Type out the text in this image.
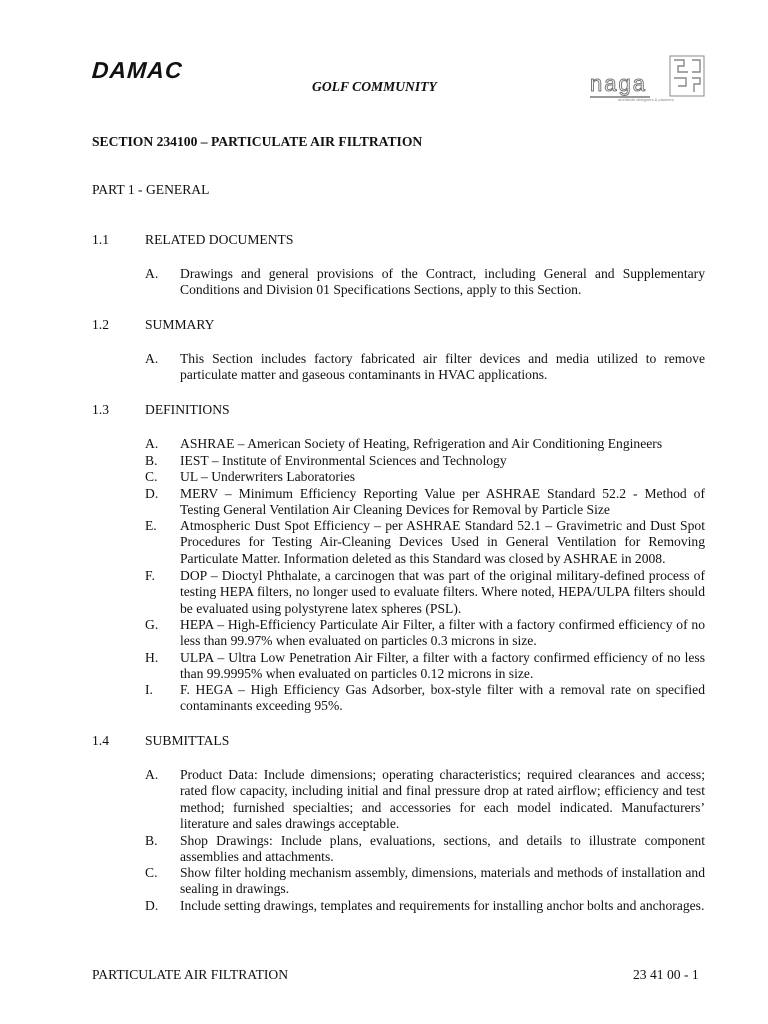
DAMAC
GOLF COMMUNITY	naga
architects designers & planners
SECTION 234100 – PARTICULATE AIR FILTRATION
PART 1 - GENERAL
1.1	RELATED DOCUMENTS
A. Drawings and general provisions of the Contract, including General and Supplementary Conditions and Division 01 Specifications Sections, apply to this Section.
1.2	SUMMARY
A. This Section includes factory fabricated air filter devices and media utilized to remove particulate matter and gaseous contaminants in HVAC applications.
1.3	DEFINITIONS
A. ASHRAE – American Society of Heating, Refrigeration and Air Conditioning Engineers
B. IEST – Institute of Environmental Sciences and Technology
C. UL – Underwriters Laboratories
D. MERV – Minimum Efficiency Reporting Value per ASHRAE Standard 52.2 - Method of Testing General Ventilation Air Cleaning Devices for Removal by Particle Size
E. Atmospheric Dust Spot Efficiency – per ASHRAE Standard 52.1 – Gravimetric and Dust Spot Procedures for Testing Air-Cleaning Devices Used in General Ventilation for Removing Particulate Matter. Information deleted as this Standard was closed by ASHRAE in 2008.
F. DOP – Dioctyl Phthalate, a carcinogen that was part of the original military-defined process of testing HEPA filters, no longer used to evaluate filters. Where noted, HEPA/ULPA filters should be evaluated using polystyrene latex spheres (PSL).
G. HEPA – High-Efficiency Particulate Air Filter, a filter with a factory confirmed efficiency of no less than 99.97% when evaluated on particles 0.3 microns in size.
H. ULPA – Ultra Low Penetration Air Filter, a filter with a factory confirmed efficiency of no less than 99.9995% when evaluated on particles 0.12 microns in size.
I. F. HEGA – High Efficiency Gas Adsorber, box-style filter with a removal rate on specified contaminants exceeding 95%.
1.4	SUBMITTALS
A. Product Data: Include dimensions; operating characteristics; required clearances and access; rated flow capacity, including initial and final pressure drop at rated airflow; efficiency and test method; furnished specialties; and accessories for each model indicated. Manufacturers’ literature and sales drawings acceptable.
B. Shop Drawings: Include plans, evaluations, sections, and details to illustrate component assemblies and attachments.
C. Show filter holding mechanism assembly, dimensions, materials and methods of installation and sealing in drawings.
D. Include setting drawings, templates and requirements for installing anchor bolts and anchorages.
PARTICULATE AIR FILTRATION	23 41 00 - 1
